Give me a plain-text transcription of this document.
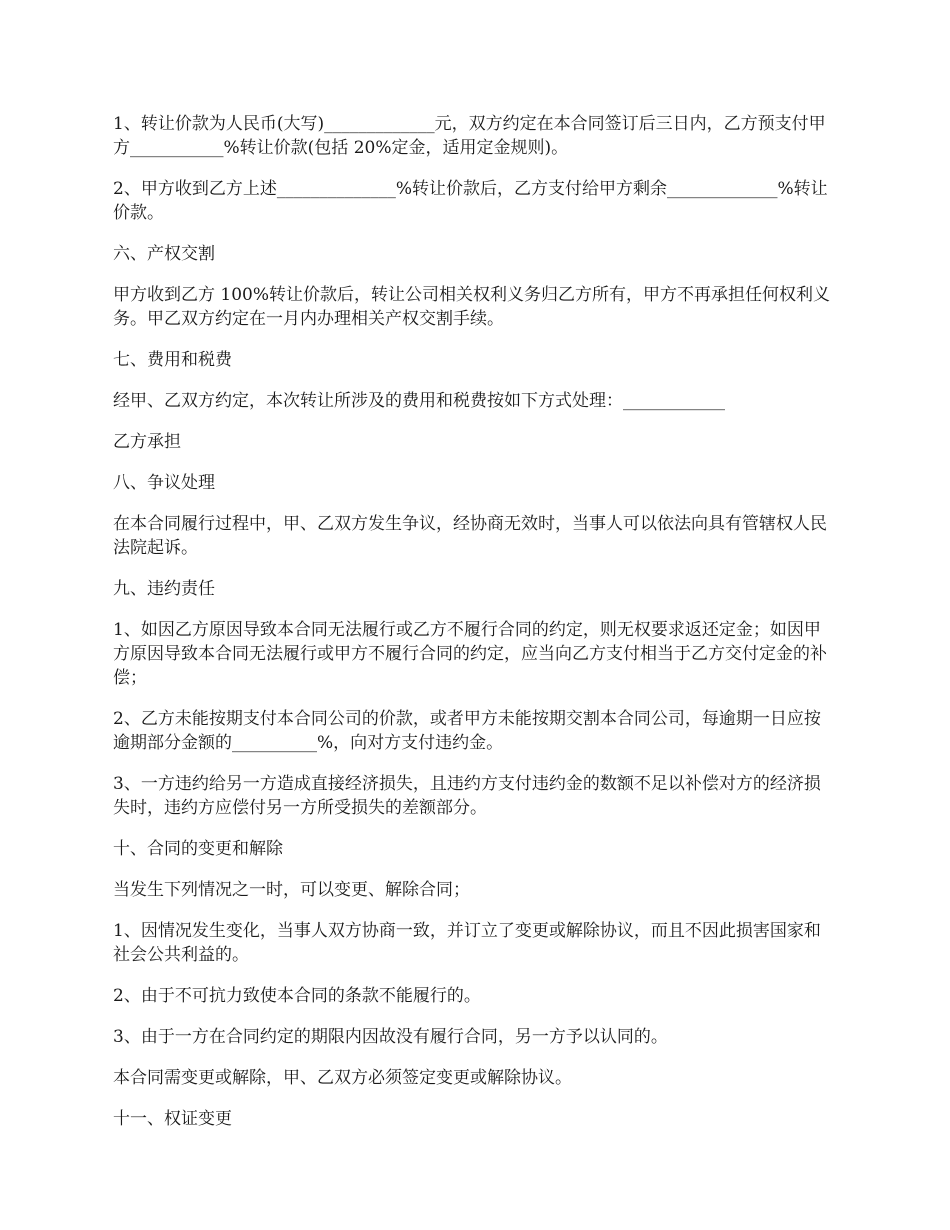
1、转让价款为人民币(大写)_____________元，双方约定在本合同签订后三日内，乙方预支付甲方___________%转让价款(包括 20%定金，适用定金规则)。

2、甲方收到乙方上述______________%转让价款后，乙方支付给甲方剩余_____________%转让价款。

六、产权交割

甲方收到乙方 100%转让价款后，转让公司相关权利义务归乙方所有，甲方不再承担任何权利义务。甲乙双方约定在一月内办理相关产权交割手续。

七、费用和税费

经甲、乙双方约定，本次转让所涉及的费用和税费按如下方式处理：____________

乙方承担

八、争议处理

在本合同履行过程中，甲、乙双方发生争议，经协商无效时，当事人可以依法向具有管辖权人民法院起诉。

九、违约责任

1、如因乙方原因导致本合同无法履行或乙方不履行合同的约定，则无权要求返还定金；如因甲方原因导致本合同无法履行或甲方不履行合同的约定，应当向乙方支付相当于乙方交付定金的补偿；

2、乙方未能按期支付本合同公司的价款，或者甲方未能按期交割本合同公司，每逾期一日应按逾期部分金额的__________%，向对方支付违约金。

3、一方违约给另一方造成直接经济损失，且违约方支付违约金的数额不足以补偿对方的经济损失时，违约方应偿付另一方所受损失的差额部分。

十、合同的变更和解除

当发生下列情况之一时，可以变更、解除合同；

1、因情况发生变化，当事人双方协商一致，并订立了变更或解除协议，而且不因此损害国家和社会公共利益的。

2、由于不可抗力致使本合同的条款不能履行的。

3、由于一方在合同约定的期限内因故没有履行合同，另一方予以认同的。

本合同需变更或解除，甲、乙双方必须签定变更或解除协议。

十一、权证变更
